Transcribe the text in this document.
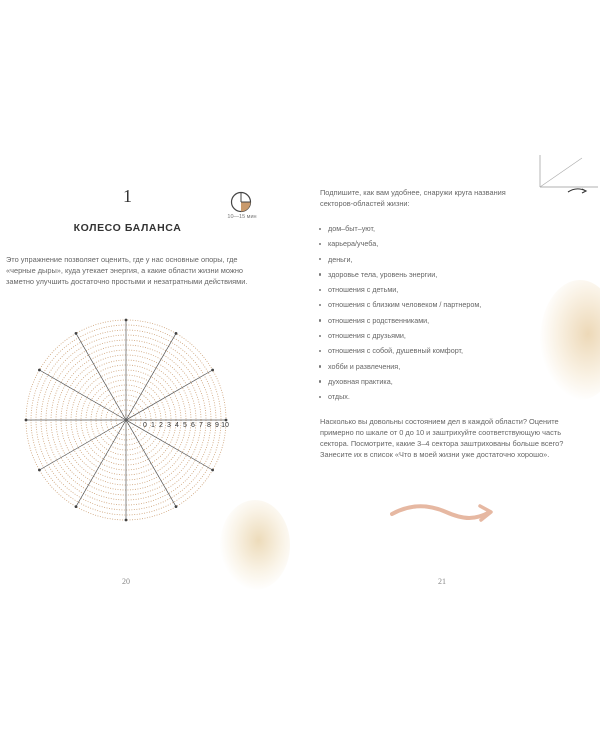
1
10—15 мин
КОЛЕСО БАЛАНСА

Это упражнение позволяет оценить, где у нас основные опоры, где «черные дыры», куда утекает энергия, а какие области жизни можно заметно улучшить достаточно простыми и незатратными действиями.

0 1 2 3 4 5 6 7 8 9 10
20

Подпишите, как вам удобнее, снаружи круга названия секторов-областей жизни:

дом–быт–уют,
карьера/учеба,
деньги,
здоровье тела, уровень энергии,
отношения с детьми,
отношения с близким человеком / партнером,
отношения с родственниками,
отношения с друзьями,
отношения с собой, душевный комфорт,
хобби и развлечения,
духовная практика,
отдых.

Насколько вы довольны состоянием дел в каждой области? Оцените примерно по шкале от 0 до 10 и заштрихуйте соответствующую часть сектора. Посмотрите, какие 3–4 сектора заштрихованы больше всего? Занесите их в список «Что в моей жизни уже достаточно хорошо».

21
